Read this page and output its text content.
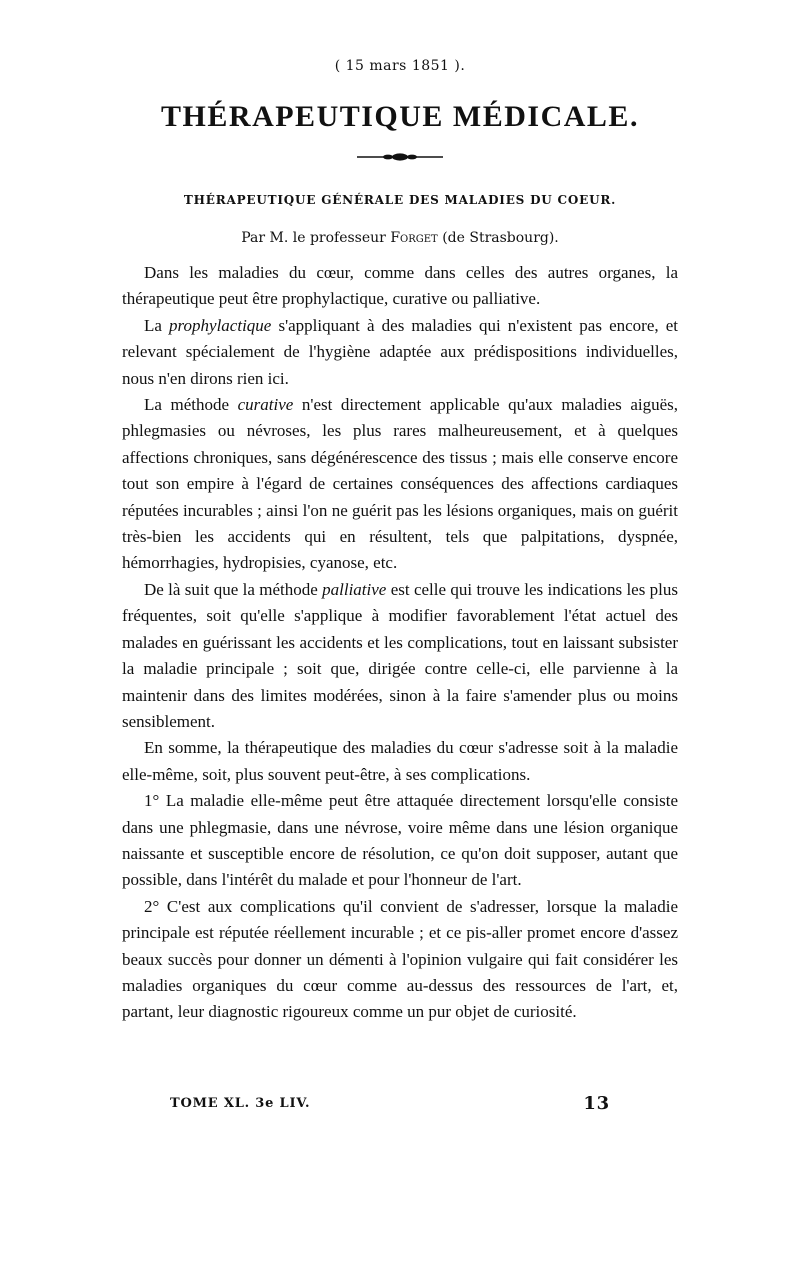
( 15 mars 1851 ).
THÉRAPEUTIQUE MÉDICALE.
THÉRAPEUTIQUE GÉNÉRALE DES MALADIES DU COEUR.
Par M. le professeur Forget (de Strasbourg).

Dans les maladies du cœur, comme dans celles des autres organes, la thérapeutique peut être prophylactique, curative ou palliative.

La prophylactique s'appliquant à des maladies qui n'existent pas encore, et relevant spécialement de l'hygiène adaptée aux prédispositions individuelles, nous n'en dirons rien ici.

La méthode curative n'est directement applicable qu'aux maladies aiguës, phlegmasies ou névroses, les plus rares malheureusement, et à quelques affections chroniques, sans dégénérescence des tissus ; mais elle conserve encore tout son empire à l'égard de certaines conséquences des affections cardiaques réputées incurables ; ainsi l'on ne guérit pas les lésions organiques, mais on guérit très-bien les accidents qui en résultent, tels que palpitations, dyspnée, hémorrhagies, hydropisies, cyanose, etc.

De là suit que la méthode palliative est celle qui trouve les indications les plus fréquentes, soit qu'elle s'applique à modifier favorablement l'état actuel des malades en guérissant les accidents et les complications, tout en laissant subsister la maladie principale ; soit que, dirigée contre celle-ci, elle parvienne à la maintenir dans des limites modérées, sinon à la faire s'amender plus ou moins sensiblement.

En somme, la thérapeutique des maladies du cœur s'adresse soit à la maladie elle-même, soit, plus souvent peut-être, à ses complications.

1° La maladie elle-même peut être attaquée directement lorsqu'elle consiste dans une phlegmasie, dans une névrose, voire même dans une lésion organique naissante et susceptible encore de résolution, ce qu'on doit supposer, autant que possible, dans l'intérêt du malade et pour l'honneur de l'art.

2° C'est aux complications qu'il convient de s'adresser, lorsque la maladie principale est réputée réellement incurable ; et ce pis-aller promet encore d'assez beaux succès pour donner un démenti à l'opinion vulgaire qui fait considérer les maladies organiques du cœur comme au-dessus des ressources de l'art, et, partant, leur diagnostic rigoureux comme un pur objet de curiosité.

TOME XL. 3e LIV.	13
